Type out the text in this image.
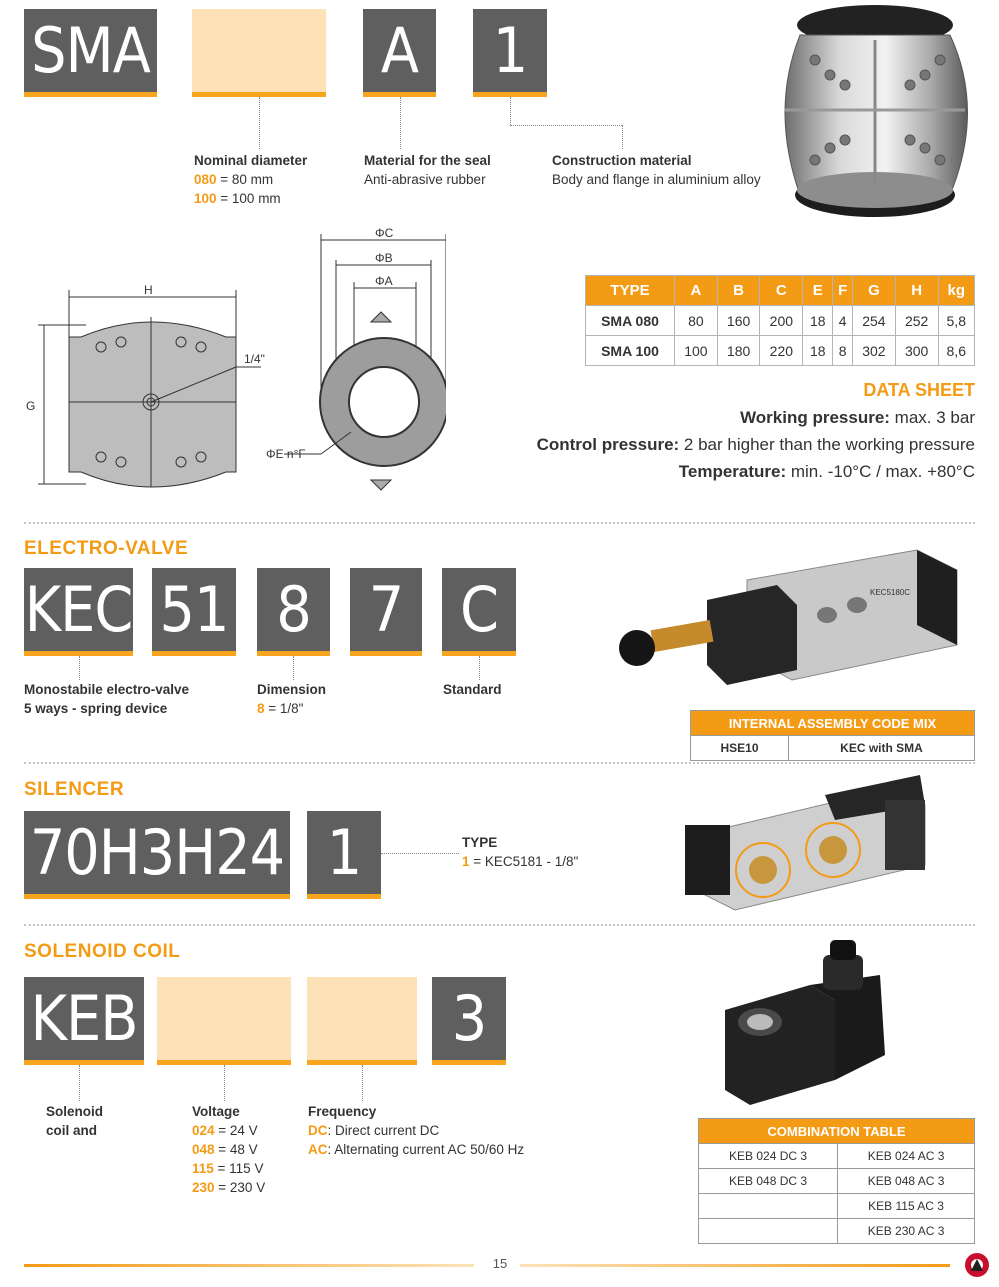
SMA	A 1
Nominal diameter
080 = 80 mm
100 = 100 mm
Material for the seal
Anti-abrasive rubber
Construction material
Body and flange in aluminium alloy
H
G
1/4"
ΦC
ΦB
ΦA
ΦE n°F
TYPE	A	B	C	E	F	G	H	kg
SMA 080	80	160	200	18	4	254	252	5,8
SMA 100	100	180	220	18	8	302	300	8,6
DATA SHEET
Working pressure: max. 3 bar
Control pressure: 2 bar higher than the working pressure
Temperature: min. -10°C / max. +80°C
ELECTRO-VALVE
KEC 51 8 7 C
Monostabile electro-valve
5 ways - spring device
Dimension
8 = 1/8"
Standard
KEC5180C
INTERNAL ASSEMBLY CODE MIX
HSE10	KEC with SMA
SILENCER
70H3H24 1	TYPE
1 = KEC5181 - 1/8"
SOLENOID COIL
KEB	3
Solenoid
coil and
Voltage
024 = 24 V
048 = 48 V
115 = 115 V
230 = 230 V
Frequency
DC: Direct current DC
AC: Alternating current AC 50/60 Hz
COMBINATION TABLE	
KEB 024 DC 3	KEB 024 AC 3
KEB 048 DC 3	KEB 048 AC 3
	KEB 115 AC 3
	KEB 230 AC 3
15
